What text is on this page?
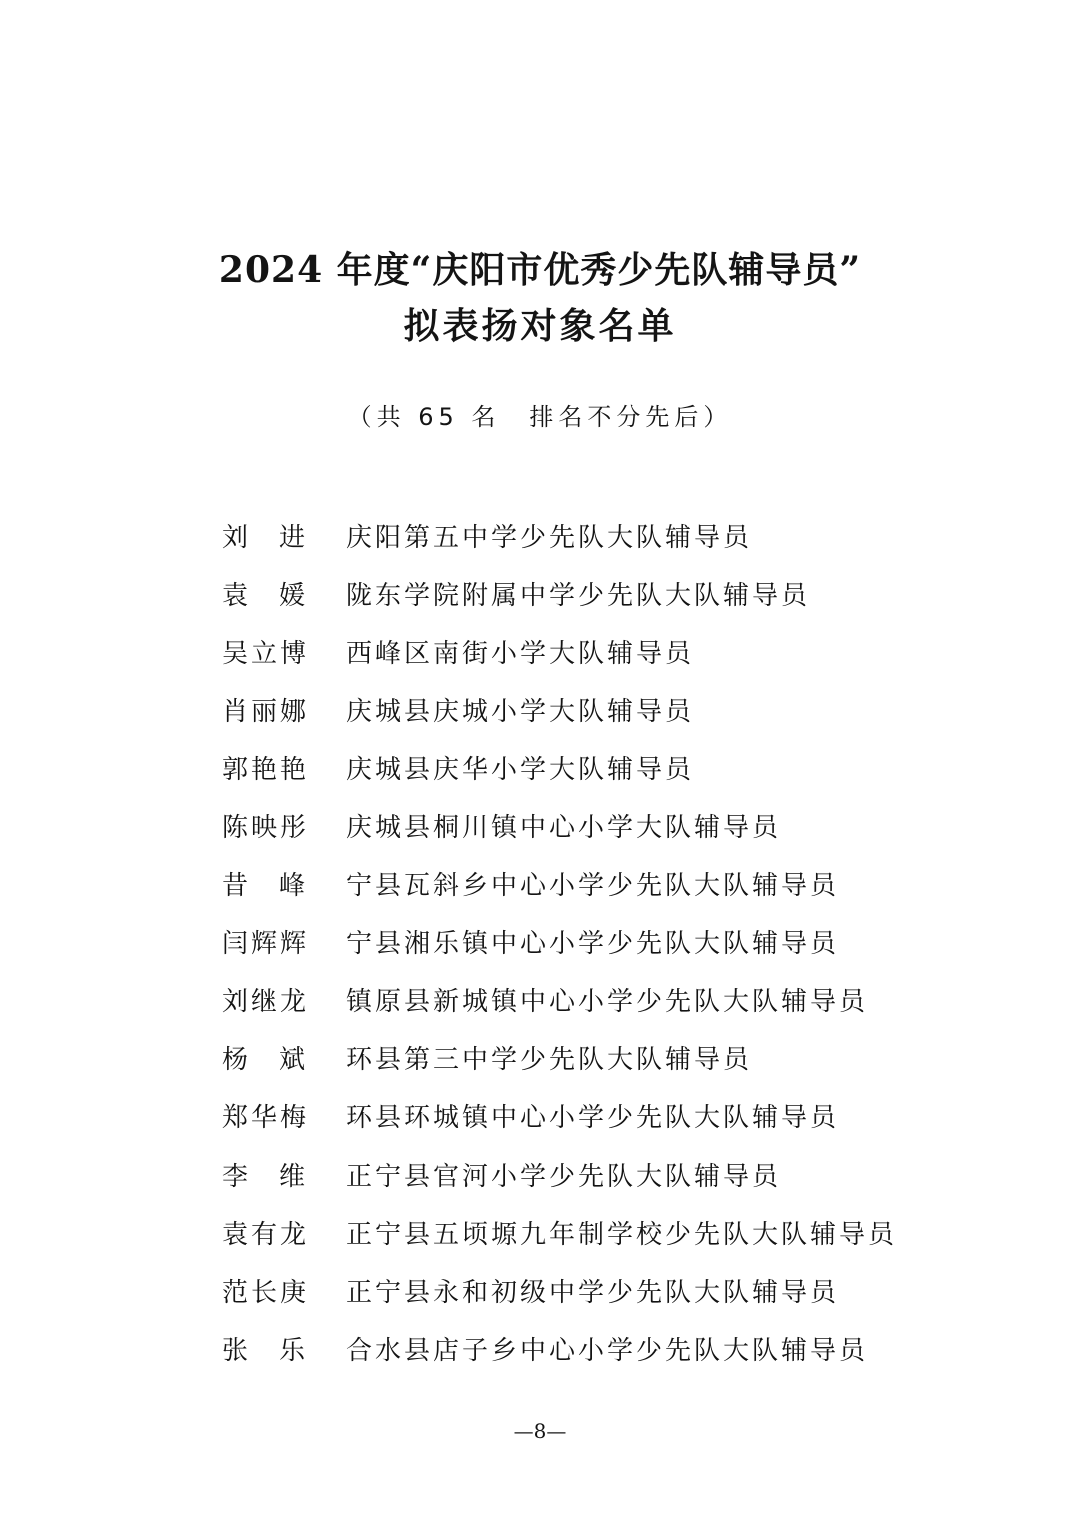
2024 年度“庆阳市优秀少先队辅导员”
拟表扬对象名单
（共 65 名　排名不分先后）
刘进 庆阳第五中学少先队大队辅导员
袁媛 陇东学院附属中学少先队大队辅导员
吴立博	西峰区南街小学大队辅导员
肖丽娜	庆城县庆城小学大队辅导员
郭艳艳	庆城县庆华小学大队辅导员
陈映彤	庆城县桐川镇中心小学大队辅导员
昔峰 宁县瓦斜乡中心小学少先队大队辅导员
闫辉辉	宁县湘乐镇中心小学少先队大队辅导员
刘继龙	镇原县新城镇中心小学少先队大队辅导员
杨斌 环县第三中学少先队大队辅导员
郑华梅	环县环城镇中心小学少先队大队辅导员
李维 正宁县官河小学少先队大队辅导员
袁有龙	正宁县五顷塬九年制学校少先队大队辅导员
范长庚	正宁县永和初级中学少先队大队辅导员
张乐 合水县店子乡中心小学少先队大队辅导员
—8—
